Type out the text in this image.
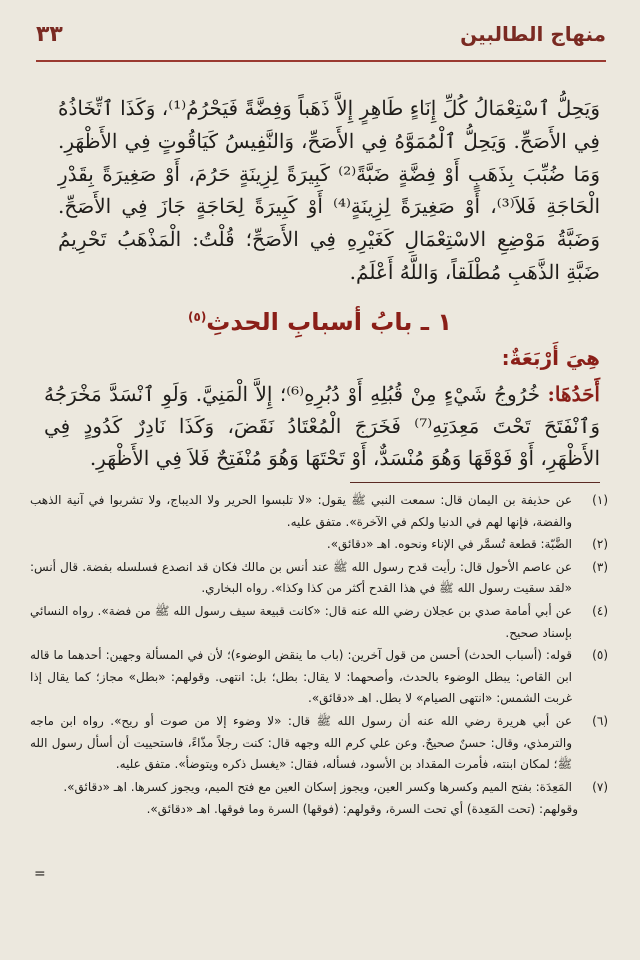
منهاج الطالبين
٣٣

وَيَحِلُّ ٱسْتِعْمَالُ كُلِّ إِنَاءٍ طَاهِرٍ إِلاَّ ذَهَباً وَفِضَّةً فَيَحْرُمُ⁽¹⁾، وَكَذَا ٱتِّخَاذُهُ فِي الأَصَحِّ. وَيَحِلُّ ٱلْمُمَوَّهُ فِي الأَصَحِّ، وَالنَّفِيسُ كَيَاقُوتٍ فِي الأَظْهَرِ. وَمَا ضُبِّبَ بِذَهَبٍ أَوْ فِضَّةٍ ضَبَّةً⁽²⁾ كَبِيرَةً لِزِينَةٍ حَرُمَ، أَوْ صَغِيرَةً بِقَدْرِ الْحَاجَةِ فَلاَ⁽³⁾، أَوْ صَغِيرَةً لِزِينَةٍ⁽⁴⁾ أَوْ كَبِيرَةً لِحَاجَةٍ جَازَ فِي الأَصَحِّ. وَضَبَّةُ مَوْضِعِ الاسْتِعْمَالِ كَغَيْرِهِ فِي الأَصَحِّ؛ قُلْتُ: الْمَذْهَبُ تَحْرِيمُ ضَبَّةِ الذَّهَبِ مُطْلَقاً، وَاللَّهُ أَعْلَمُ.

١ ـ بابُ أسبابِ الحدثِ$^{(٥)}$
هِيَ أَرْبَعَةٌ:

أَحَدُهَا: خُرُوجُ شَيْءٍ مِنْ قُبُلِهِ أَوْ دُبُرِهِ⁽⁶⁾؛ إِلاَّ الْمَنِيَّ. وَلَوِ ٱنْسَدَّ مَخْرَجُهُ وَٱنْفَتَحَ تَحْتَ مَعِدَتِهِ⁽⁷⁾ فَخَرَجَ الْمُعْتَادُ نَقَضَ، وَكَذَا نَادِرٌ كَدُودٍ فِي الأَظْهَرِ، أَوْ فَوْقَهَا وَهُوَ مُنْسَدٌّ، أَوْ تَحْتَهَا وَهُوَ مُنْفَتِحٌ فَلاَ فِي الأَظْهَرِ.

(١)
عن حذيفة بن اليمان قال: سمعت النبي ﷺ يقول: «لا تلبسوا الحرير ولا الديباج، ولا تشربوا في آنية الذهب والفضة، فإنها لهم في الدنيا ولكم في الآخرة». متفق عليه.
(٢)
الضَّبّة: قطعة تُسمَّر في الإناء ونحوه. اهـ «دقائق».
(٣)
عن عاصم الأحول قال: رأيت قدح رسول الله ﷺ عند أنس بن مالك فكان قد انصدع فسلسله بفضة. قال أنس: «لقد سقيت رسول الله ﷺ في هذا القدح أكثر من كذا وكذا». رواه البخاري.
(٤)
عن أبي أمامة صدي بن عجلان رضي الله عنه قال: «كانت قبيعة سيف رسول الله ﷺ من فضة». رواه النسائي بإسناد صحيح.
(٥)
قوله: (أسباب الحدث) أحسن من قول آخرين: (باب ما ينقض الوضوء)؛ لأن في المسألة وجهين: أحدهما ما قاله ابن القاص: يبطل الوضوء بالحدث، وأصحهما: لا يقال: بطل؛ بل: انتهى. وقولهم: «بطل» مجاز؛ كما يقال إذا غربت الشمس: «انتهى الصيام» لا بطل. اهـ «دقائق».
(٦)
عن أبي هريرة رضي الله عنه أن رسول الله ﷺ قال: «لا وضوء إلا من صوت أو ريح». رواه ابن ماجه والترمذي، وقال: حسنٌ صحيحٌ. وعن علي كرم الله وجهه قال: كنت رجلاً مذّاءً، فاستحييت أن أسأل رسول الله ﷺ؛ لمكان ابنته، فأمرت المقداد بن الأسود، فسأله، فقال: «يغسل ذكره ويتوضأ». متفق عليه.
(٧)
المَعِدَة: بفتح الميم وكسرها وكسر العين، ويجوز إسكان العين مع فتح الميم، ويجوز كسرها. اهـ «دقائق».
وقولهم: (تحت المَعِدة) أي تحت السرة، وقولهم: (فوقها) السرة وما فوقها. اهـ «دقائق».
=
